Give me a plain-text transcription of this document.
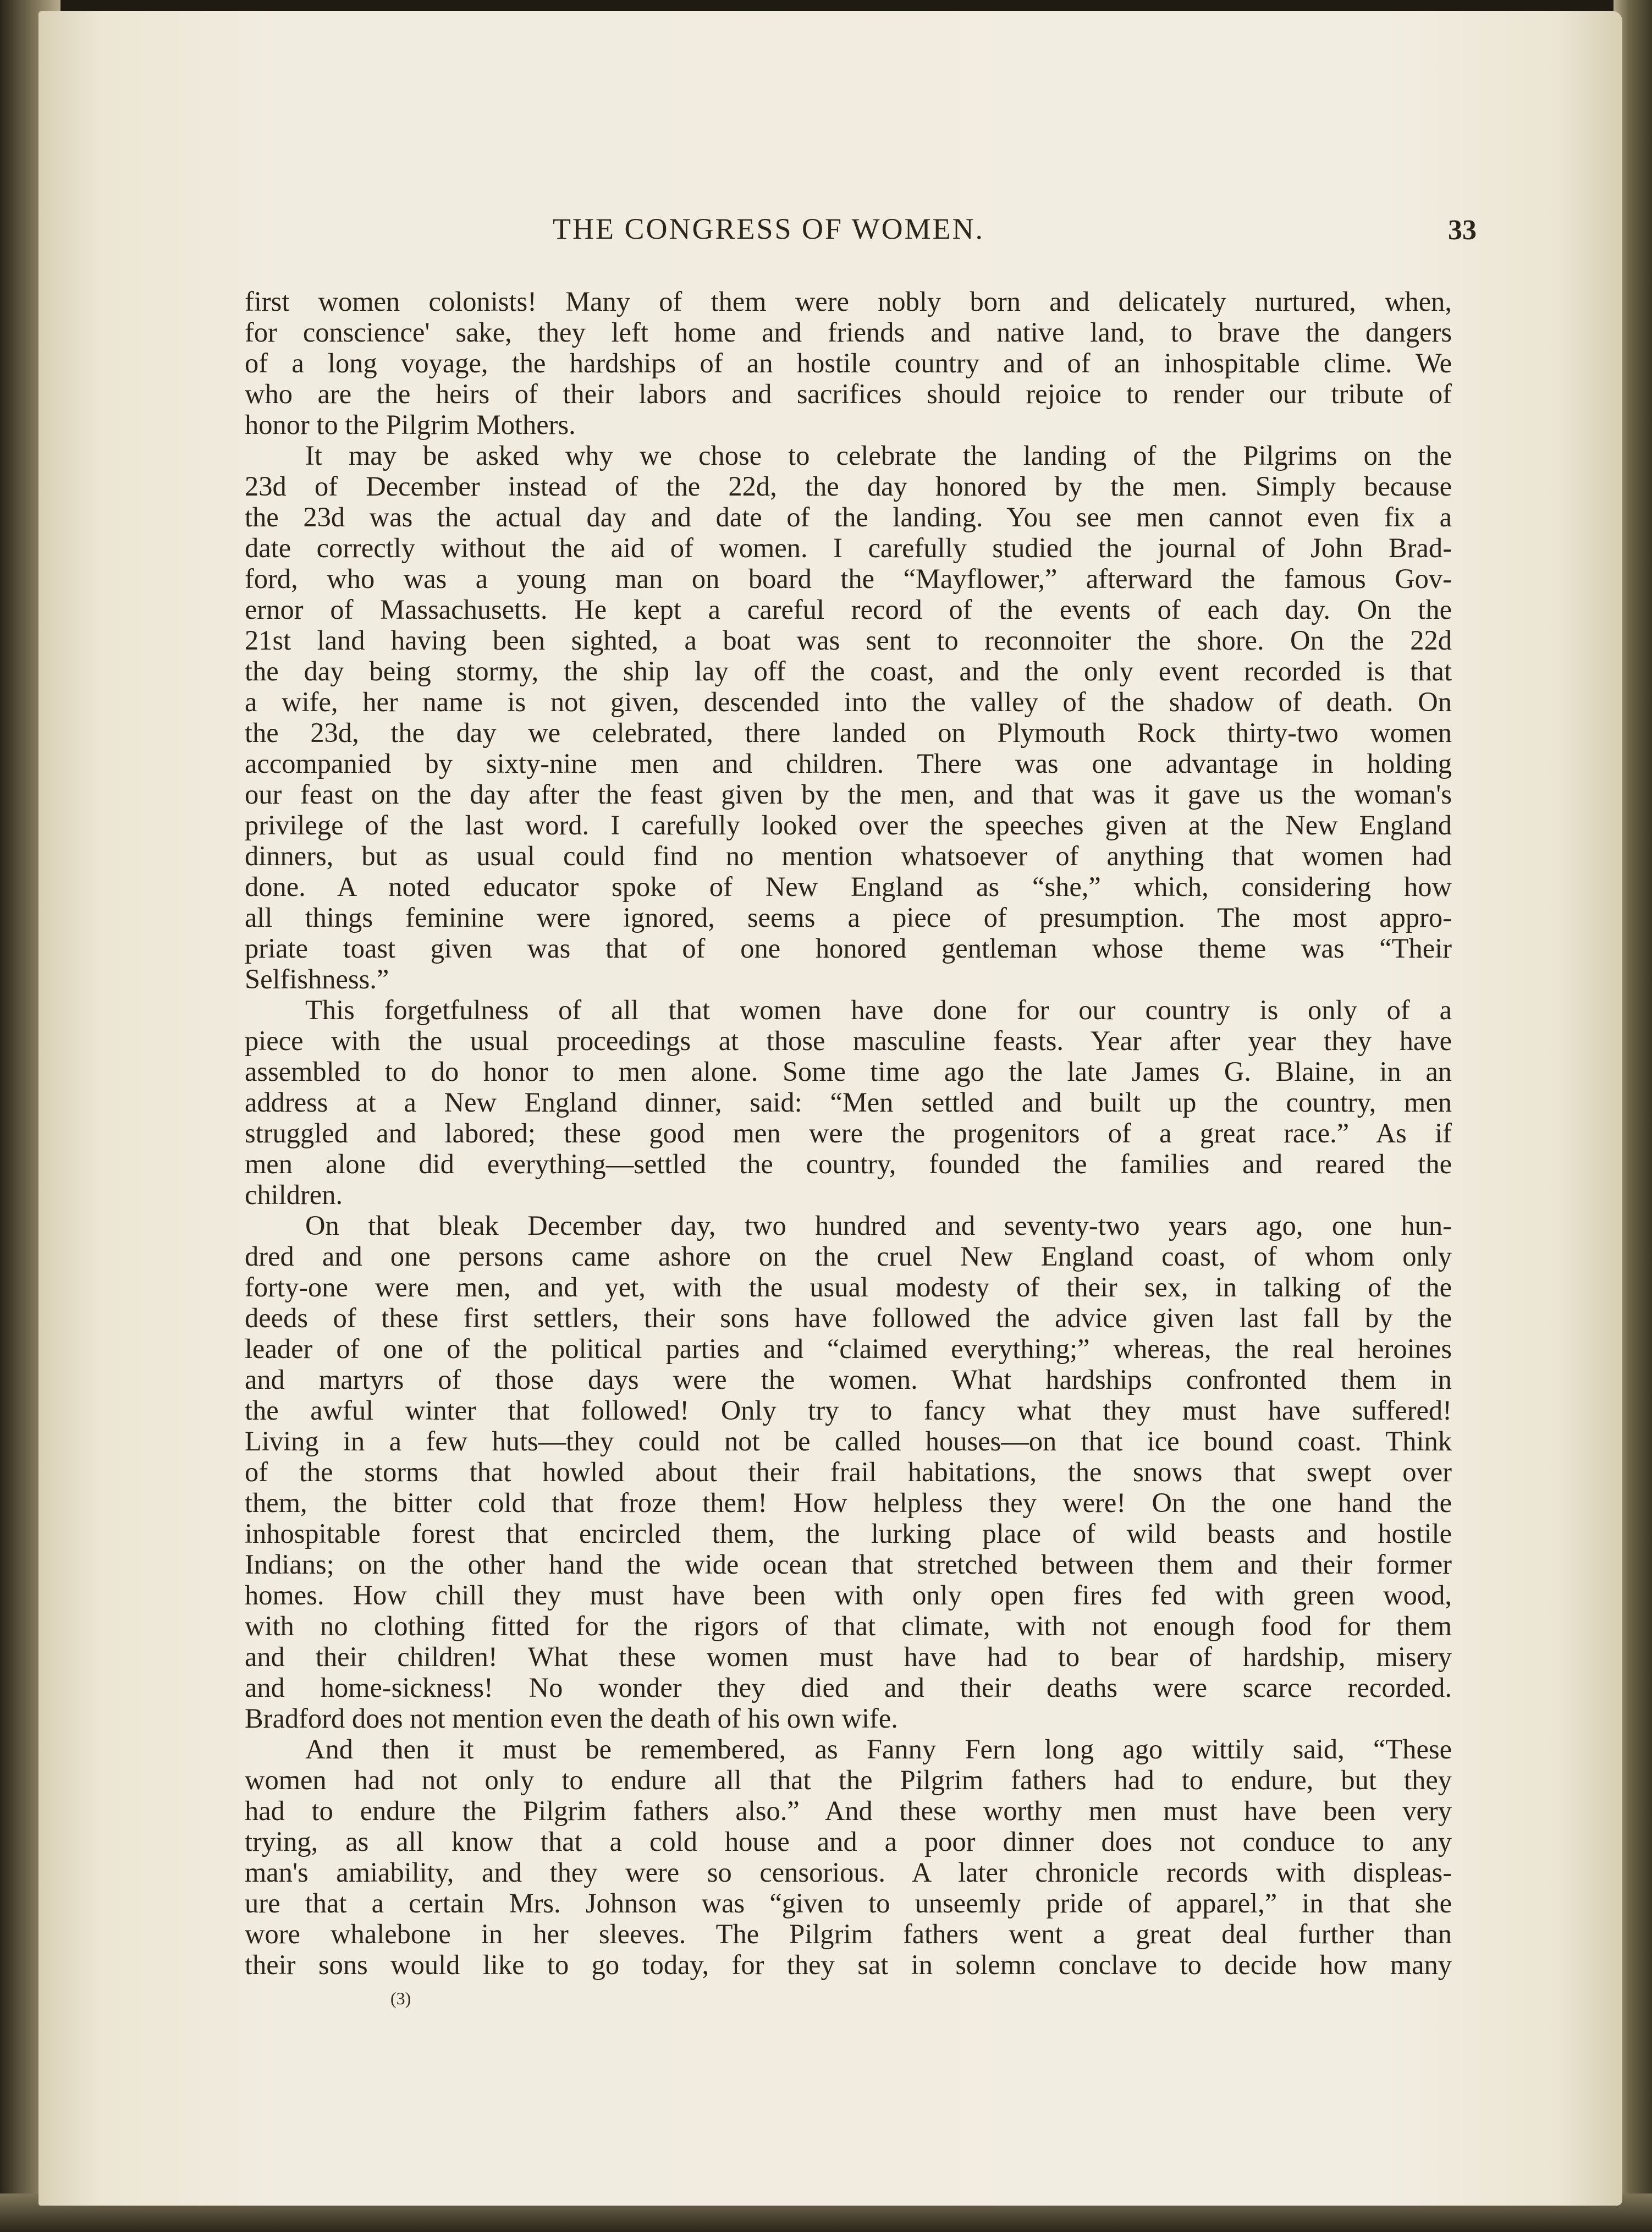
THE CONGRESS OF WOMEN.	33

first women colonists! Many of them were nobly born and delicately nurtured, when,

for conscience' sake, they left home and friends and native land, to brave the dangers

of a long voyage, the hardships of an hostile country and of an inhospitable clime. We

who are the heirs of their labors and sacrifices should rejoice to render our tribute of

honor to the Pilgrim Mothers.

It may be asked why we chose to celebrate the landing of the Pilgrims on the

23d of December instead of the 22d, the day honored by the men. Simply because

the 23d was the actual day and date of the landing. You see men cannot even fix a

date correctly without the aid of women. I carefully studied the journal of John Brad-

ford, who was a young man on board the “Mayflower,” afterward the famous Gov-

ernor of Massachusetts. He kept a careful record of the events of each day. On the

21st land having been sighted, a boat was sent to reconnoiter the shore. On the 22d

the day being stormy, the ship lay off the coast, and the only event recorded is that

a wife, her name is not given, descended into the valley of the shadow of death. On

the 23d, the day we celebrated, there landed on Plymouth Rock thirty-two women

accompanied by sixty-nine men and children. There was one advantage in holding

our feast on the day after the feast given by the men, and that was it gave us the woman's

privilege of the last word. I carefully looked over the speeches given at the New England

dinners, but as usual could find no mention whatsoever of anything that women had

done. A noted educator spoke of New England as “she,” which, considering how

all things feminine were ignored, seems a piece of presumption. The most appro-

priate toast given was that of one honored gentleman whose theme was “Their

Selfishness.”

This forgetfulness of all that women have done for our country is only of a

piece with the usual proceedings at those masculine feasts. Year after year they have

assembled to do honor to men alone. Some time ago the late James G. Blaine, in an

address at a New England dinner, said: “Men settled and built up the country, men

struggled and labored; these good men were the progenitors of a great race.” As if

men alone did everything—settled the country, founded the families and reared the

children.

On that bleak December day, two hundred and seventy-two years ago, one hun-

dred and one persons came ashore on the cruel New England coast, of whom only

forty-one were men, and yet, with the usual modesty of their sex, in talking of the

deeds of these first settlers, their sons have followed the advice given last fall by the

leader of one of the political parties and “claimed everything;” whereas, the real heroines

and martyrs of those days were the women. What hardships confronted them in

the awful winter that followed! Only try to fancy what they must have suffered!

Living in a few huts—they could not be called houses—on that ice bound coast. Think

of the storms that howled about their frail habitations, the snows that swept over

them, the bitter cold that froze them! How helpless they were! On the one hand the

inhospitable forest that encircled them, the lurking place of wild beasts and hostile

Indians; on the other hand the wide ocean that stretched between them and their former

homes. How chill they must have been with only open fires fed with green wood,

with no clothing fitted for the rigors of that climate, with not enough food for them

and their children! What these women must have had to bear of hardship, misery

and home-sickness! No wonder they died and their deaths were scarce recorded.

Bradford does not mention even the death of his own wife.

And then it must be remembered, as Fanny Fern long ago wittily said, “These

women had not only to endure all that the Pilgrim fathers had to endure, but they

had to endure the Pilgrim fathers also.” And these worthy men must have been very

trying, as all know that a cold house and a poor dinner does not conduce to any

man's amiability, and they were so censorious. A later chronicle records with displeas-

ure that a certain Mrs. Johnson was “given to unseemly pride of apparel,” in that she

wore whalebone in her sleeves. The Pilgrim fathers went a great deal further than

their sons would like to go today, for they sat in solemn conclave to decide how many

(3)
